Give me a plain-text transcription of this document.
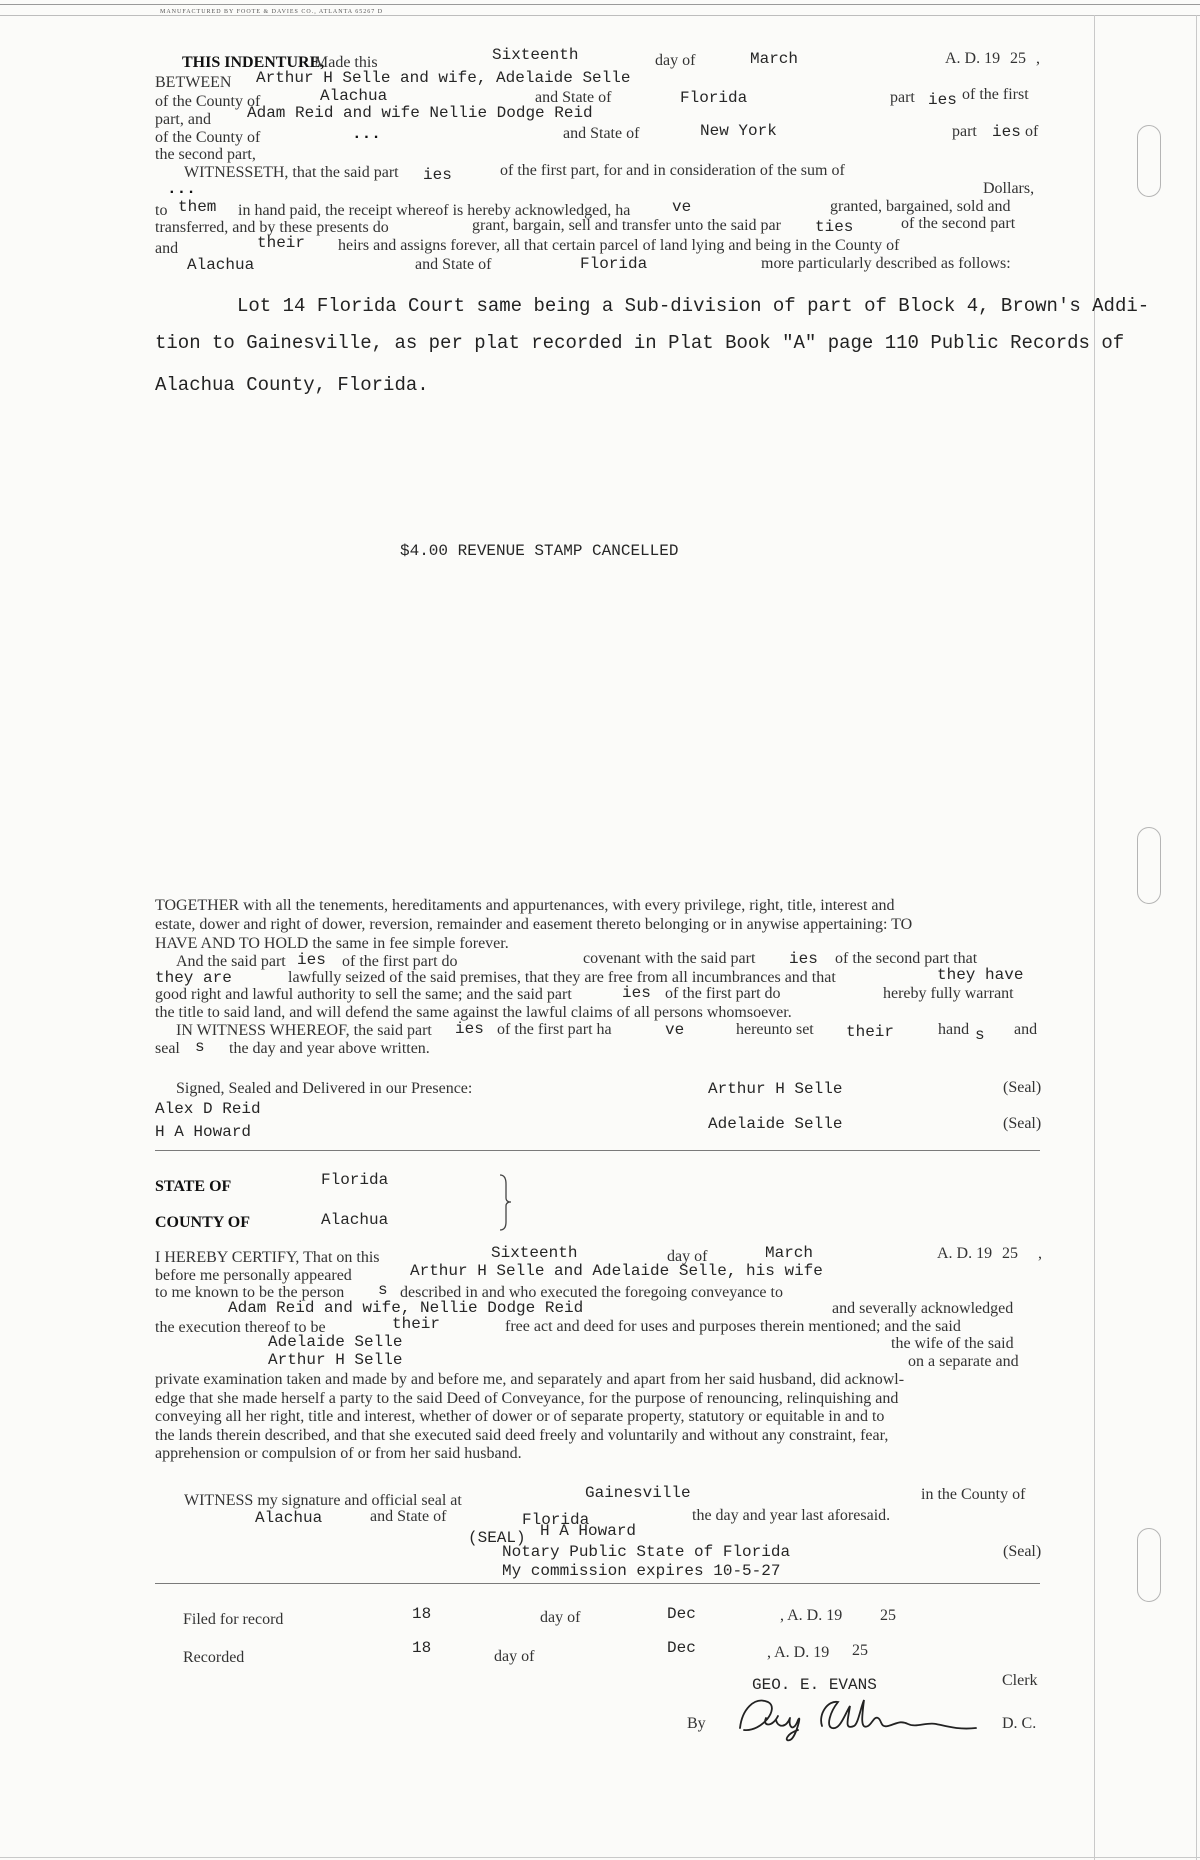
MANUFACTURED BY FOOTE & DAVIES CO., ATLANTA 65267 D
THIS INDENTURE,
Made this	Sixteenth	day of	March	A. D. 19 25 ,
BETWEEN Arthur H Selle and wife, Adelaide Selle
of the County of	Alachua	and State of	Florida	part ies of the first
part, and Adam Reid and wife Nellie Dodge Reid
of the County of	...	and State of	New York	part ies of
the second part,
WITNESSETH, that the said part ies	of the first part, for and in consideration of the sum of
...	Dollars,
to them in hand paid, the receipt whereof is hereby acknowledged, ha	ve	granted, bargained, sold and
transferred, and by these presents do	grant, bargain, sell and transfer unto the said par ties	of the second part
and	their heirs and assigns forever, all that certain parcel of land lying and being in the County of
Alachua	and State of	Florida	more particularly described as follows:
Lot 14 Florida Court same being a Sub-division of part of Block 4, Brown's Addi-
tion to Gainesville, as per plat recorded in Plat Book "A" page 110 Public Records of
Alachua County, Florida.
$4.00 REVENUE STAMP CANCELLED
TOGETHER with all the tenements, hereditaments and appurtenances, with every privilege, right, title, interest and
estate, dower and right of dower, reversion, remainder and easement thereto belonging or in anywise appertaining: TO
HAVE AND TO HOLD the same in fee simple forever.
And the said part ies of the first part do	covenant with the said part ies of the second part that
they are	lawfully seized of the said premises, that they are free from all incumbrances and that	they have
good right and lawful authority to sell the same; and the said part	ies of the first part do	hereby fully warrant
the title to said land, and will defend the same against the lawful claims of all persons whomsoever.
IN WITNESS WHEREOF, the said part ies of the first part ha	ve	hereunto set their	hand s and
seal s the day and year above written.
Signed, Sealed and Delivered in our Presence:
Alex D Reid
H A Howard
Arthur H Selle
Adelaide Selle
(Seal)
(Seal)
STATE OF	Florida
COUNTY OF	Alachua
I HEREBY CERTIFY, That on this	Sixteenth	day of	March	A. D. 19 25 ,
before me personally appeared	Arthur H Selle and Adelaide Selle, his wife
to me known to be the person s described in and who executed the foregoing conveyance to
Adam Reid and wife, Nellie Dodge Reid	and severally acknowledged
the execution thereof to be	their	free act and deed for uses and purposes therein mentioned; and the said
Adelaide Selle	the wife of the said
Arthur H Selle	on a separate and
private examination taken and made by and before me, and separately and apart from her said husband, did acknowl-
edge that she made herself a party to the said Deed of Conveyance, for the purpose of renouncing, relinquishing and
conveying all her right, title and interest, whether of dower or of separate property, statutory or equitable in and to
the lands therein described, and that she executed said deed freely and voluntarily and without any constraint, fear,
apprehension or compulsion of or from her said husband.
WITNESS my signature and official seal at	Gainesville	in the County of
Alachua	and State of	Florida	the day and year last aforesaid.
(SEAL) H A Howard
Notary Public State of Florida	(Seal)
My commission expires 10-5-27
Filed for record	18	day of	Dec	, A. D. 19 25
Recorded
18	day of	Dec	, A. D. 19 25
GEO. E. EVANS	Clerk
By	D. C.
